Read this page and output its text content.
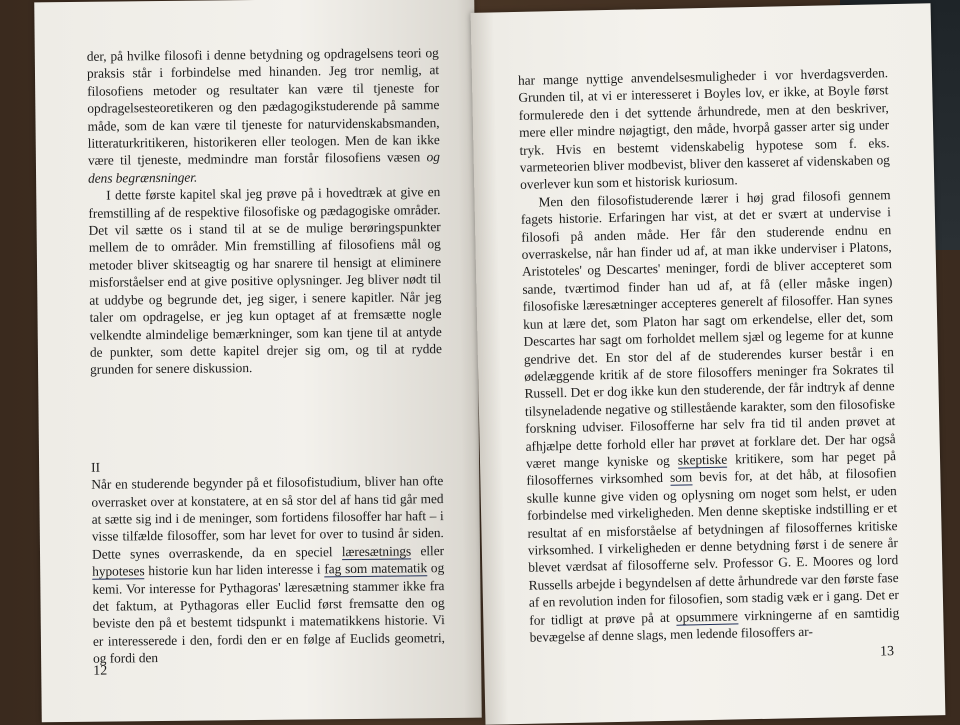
der, på hvilke filosofi i denne betydning og opdragelsens teori og praksis står i forbindelse med hinanden. Jeg tror nemlig, at filosofiens metoder og resultater kan være til tjeneste for opdragelsesteoretikeren og den pædagogikstuderende på samme måde, som de kan være til tjeneste for naturvidenskabsmanden, litteraturkritikeren, historikeren eller teologen. Men de kan ikke være til tjeneste, medmindre man forstår filosofiens væsen og dens begrænsninger.

I dette første kapitel skal jeg prøve på i hovedtræk at give en fremstilling af de respektive filosofiske og pædagogiske områder. Det vil sætte os i stand til at se de mulige berøringspunkter mellem de to områder. Min fremstilling af filosofiens mål og metoder bliver skitseagtig og har snarere til hensigt at eliminere misforståelser end at give positive oplysninger. Jeg bliver nødt til at uddybe og begrunde det, jeg siger, i senere kapitler. Når jeg taler om opdragelse, er jeg kun optaget af at fremsætte nogle velkendte almindelige bemærkninger, som kan tjene til at antyde de punkter, som dette kapitel drejer sig om, og til at rydde grunden for senere diskussion.

II

Når en studerende begynder på et filosofistudium, bliver han ofte overrasket over at konstatere, at en så stor del af hans tid går med at sætte sig ind i de meninger, som fortidens filosoffer har haft – i visse tilfælde filosoffer, som har levet for over to tusind år siden. Dette synes overraskende, da en speciel læresætnings eller hypoteses historie kun har liden interesse i fag som matematik og kemi. Vor interesse for Pythagoras' læresætning stammer ikke fra det faktum, at Pythagoras eller Euclid først fremsatte den og beviste den på et bestemt tidspunkt i matematikkens historie. Vi er interesserede i den, fordi den er en følge af Euclids geometri, og fordi den

12

har mange nyttige anvendelsesmuligheder i vor hverdagsverden. Grunden til, at vi er interesseret i Boyles lov, er ikke, at Boyle først formulerede den i det syttende århundrede, men at den beskriver, mere eller mindre nøjagtigt, den måde, hvorpå gasser arter sig under tryk. Hvis en bestemt videnskabelig hypotese som f. eks. varmeteorien bliver modbevist, bliver den kasseret af videnskaben og overlever kun som et historisk kuriosum.

Men den filosofistuderende lærer i høj grad filosofi gennem fagets historie. Erfaringen har vist, at det er svært at undervise i filosofi på anden måde. Her får den studerende endnu en overraskelse, når han finder ud af, at man ikke underviser i Platons, Aristoteles' og Descartes' meninger, fordi de bliver accepteret som sande, tværtimod finder han ud af, at få (eller måske ingen) filosofiske læresætninger accepteres generelt af filosoffer. Han synes kun at lære det, som Platon har sagt om erkendelse, eller det, som Descartes har sagt om forholdet mellem sjæl og legeme for at kunne gendrive det. En stor del af de studerendes kurser består i en ødelæggende kritik af de store filosoffers meninger fra Sokrates til Russell. Det er dog ikke kun den studerende, der får indtryk af denne tilsyneladende negative og stillestående karakter, som den filosofiske forskning udviser. Filosofferne har selv fra tid til anden prøvet at afhjælpe dette forhold eller har prøvet at forklare det. Der har også været mange kyniske og skeptiske kritikere, som har peget på filosoffernes virksomhed som bevis for, at det håb, at filosofien skulle kunne give viden og oplysning om noget som helst, er uden forbindelse med virkeligheden. Men denne skeptiske indstilling er et resultat af en misforståelse af betydningen af filosoffernes kritiske virksomhed. I virkeligheden er denne betydning først i de senere år blevet værdsat af filosofferne selv. Professor G. E. Moores og lord Russells arbejde i begyndelsen af dette århundrede var den første fase af en revolution inden for filosofien, som stadig væk er i gang. Det er for tidligt at prøve på at opsummere virkningerne af en samtidig bevægelse af denne slags, men ledende filosoffers ar-

13
